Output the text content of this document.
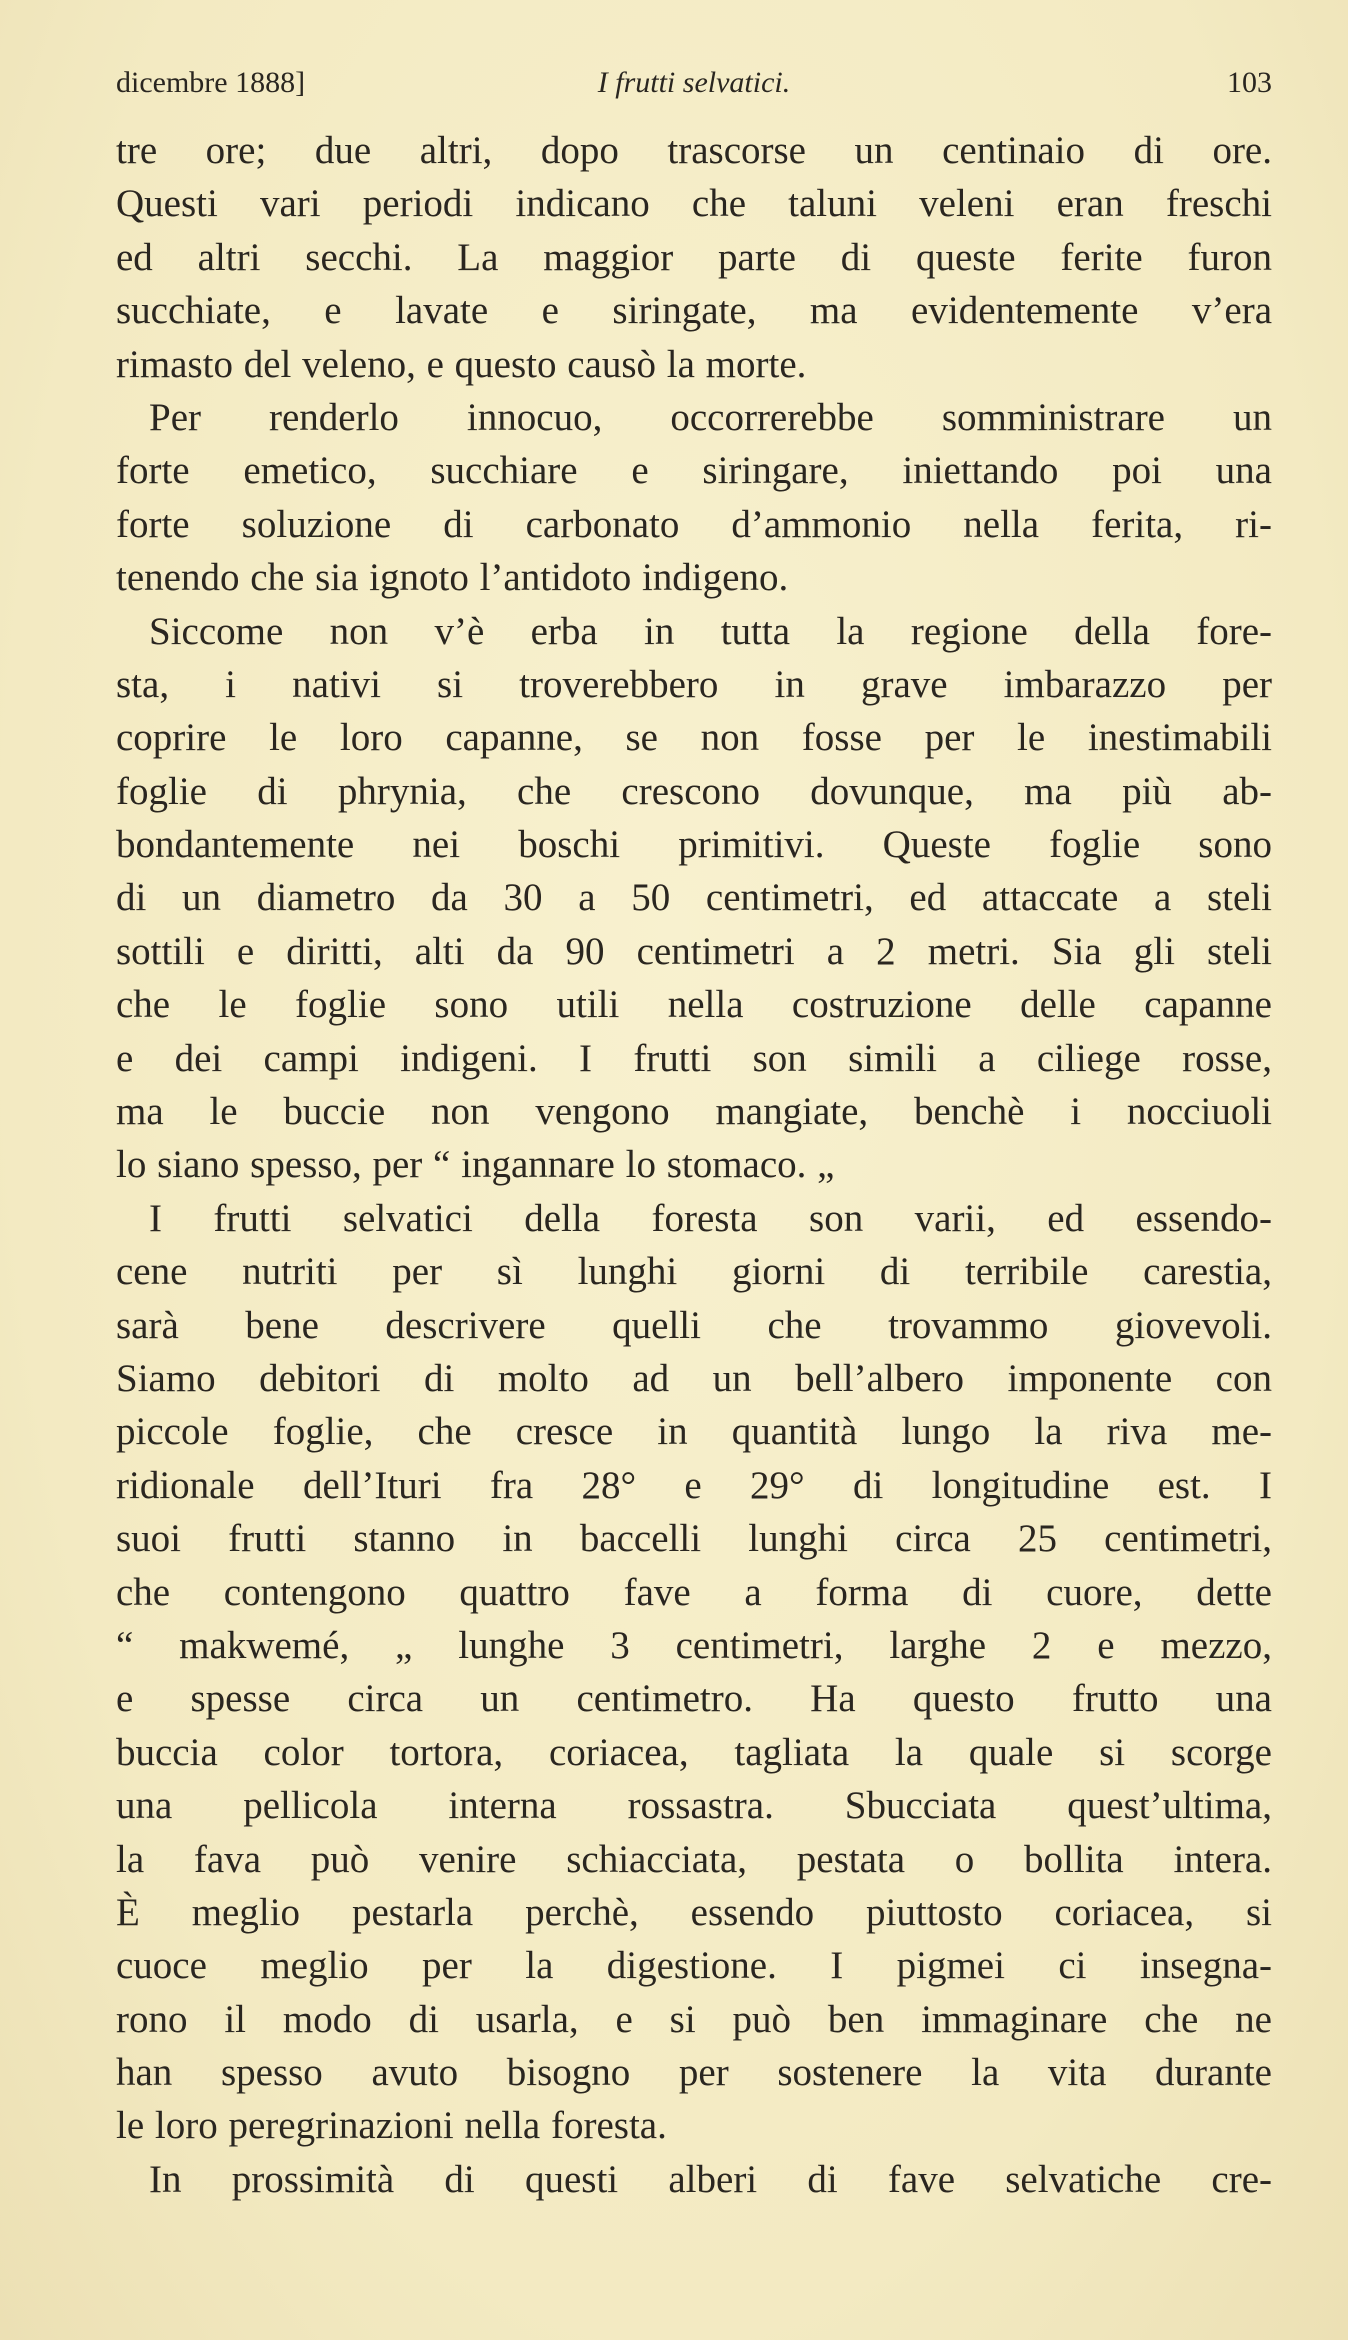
dicembre 1888]	I frutti selvatici.	103
tre ore; due altri, dopo trascorse un centinaio di ore.
Questi vari periodi indicano che taluni veleni eran freschi
ed altri secchi. La maggior parte di queste ferite furon
succhiate, e lavate e siringate, ma evidentemente v’era
rimasto del veleno, e questo causò la morte.
Per renderlo innocuo, occorrerebbe somministrare un
forte emetico, succhiare e siringare, iniettando poi una
forte soluzione di carbonato d’ammonio nella ferita, ri-
tenendo che sia ignoto l’antidoto indigeno.
Siccome non v’è erba in tutta la regione della fore-
sta, i nativi si troverebbero in grave imbarazzo per
coprire le loro capanne, se non fosse per le inestimabili
foglie di phrynia, che crescono dovunque, ma più ab-
bondantemente nei boschi primitivi. Queste foglie sono
di un diametro da 30 a 50 centimetri, ed attaccate a steli
sottili e diritti, alti da 90 centimetri a 2 metri. Sia gli steli
che le foglie sono utili nella costruzione delle capanne
e dei campi indigeni. I frutti son simili a ciliege rosse,
ma le buccie non vengono mangiate, benchè i nocciuoli
lo siano spesso, per “ ingannare lo stomaco. „
I frutti selvatici della foresta son varii, ed essendo-
cene nutriti per sì lunghi giorni di terribile carestia,
sarà bene descrivere quelli che trovammo giovevoli.
Siamo debitori di molto ad un bell’albero imponente con
piccole foglie, che cresce in quantità lungo la riva me-
ridionale dell’Ituri fra 28° e 29° di longitudine est. I
suoi frutti stanno in baccelli lunghi circa 25 centimetri,
che contengono quattro fave a forma di cuore, dette
“ makwemé, „ lunghe 3 centimetri, larghe 2 e mezzo,
e spesse circa un centimetro. Ha questo frutto una
buccia color tortora, coriacea, tagliata la quale si scorge
una pellicola interna rossastra. Sbucciata quest’ultima,
la fava può venire schiacciata, pestata o bollita intera.
È meglio pestarla perchè, essendo piuttosto coriacea, si
cuoce meglio per la digestione. I pigmei ci insegna-
rono il modo di usarla, e si può ben immaginare che ne
han spesso avuto bisogno per sostenere la vita durante
le loro peregrinazioni nella foresta.
In prossimità di questi alberi di fave selvatiche cre-
